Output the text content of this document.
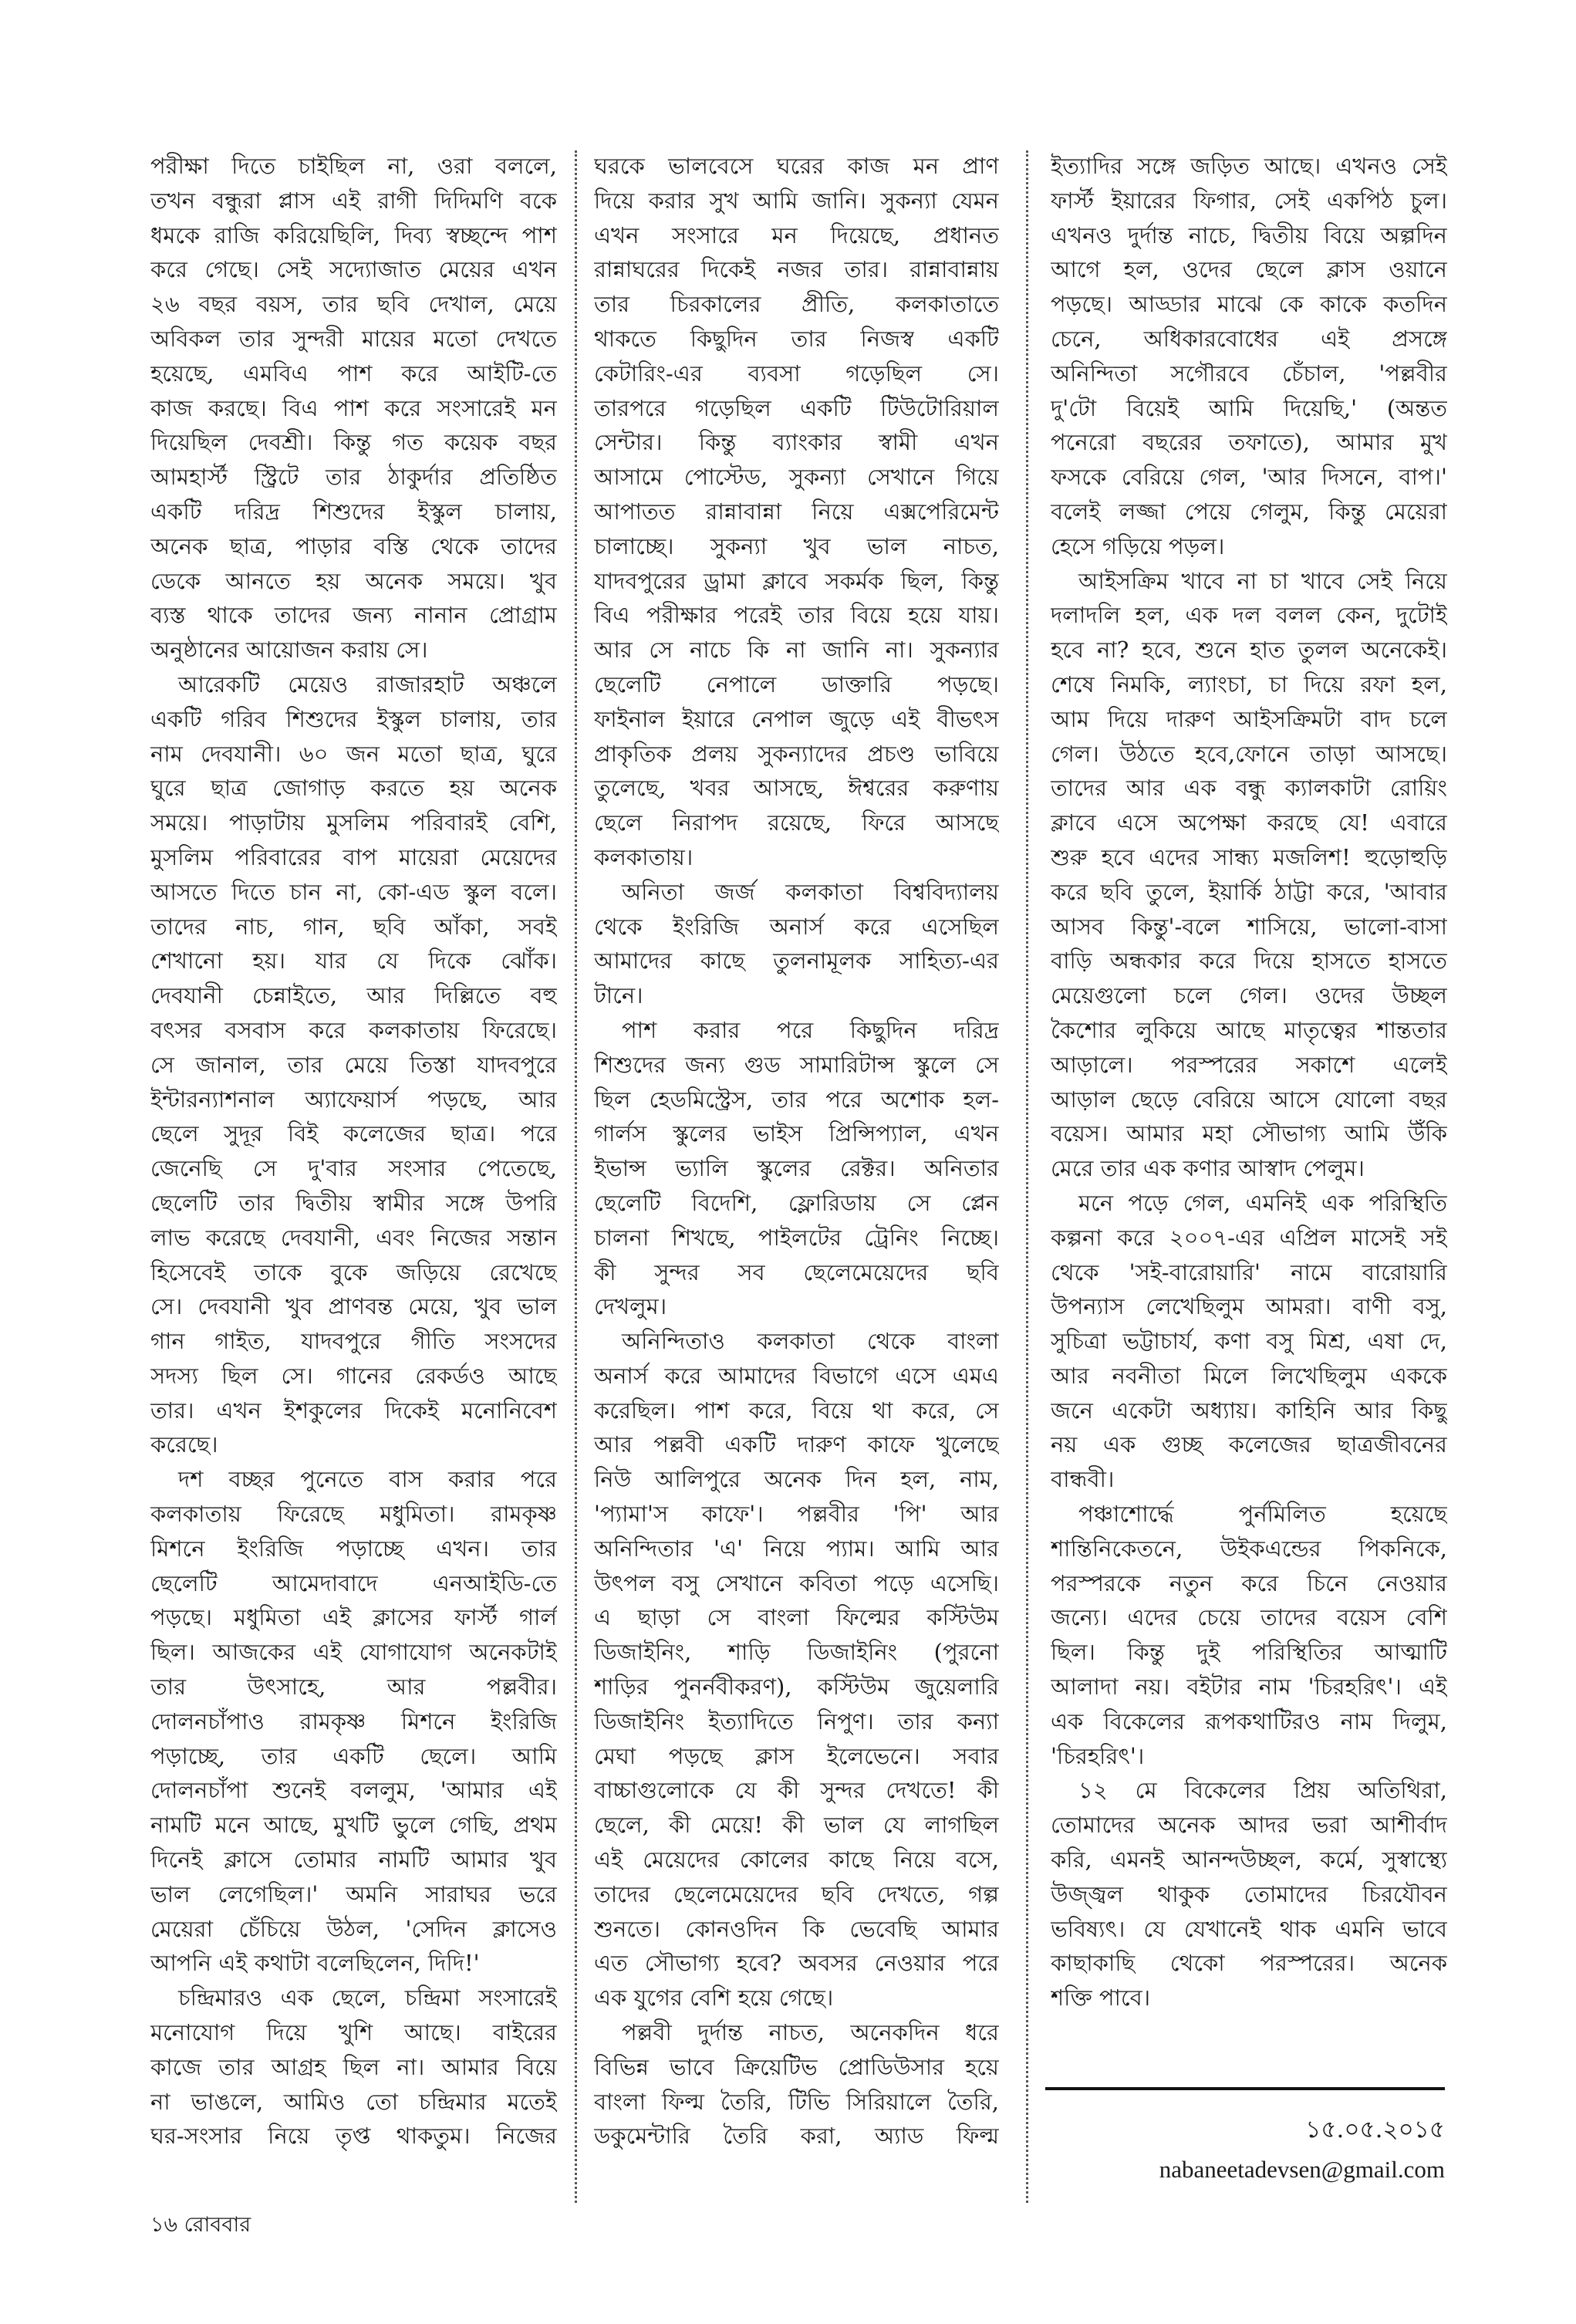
পরীক্ষা দিতে চাইছিল না, ওরা বললে,
তখন বন্ধুরা প্লাস এই রাগী দিদিমণি বকে
ধমকে রাজি করিয়েছিলি, দিব্য স্বচ্ছন্দে পাশ
করে গেছে। সেই সদ্যোজাত মেয়ের এখন
২৬ বছর বয়স, তার ছবি দেখাল, মেয়ে
অবিকল তার সুন্দরী মায়ের মতো দেখতে
হয়েছে, এমবিএ পাশ করে আইটি-তে
কাজ করছে। বিএ পাশ করে সংসারেই মন
দিয়েছিল দেবশ্রী। কিন্তু গত কয়েক বছর
আমহার্স্ট স্ট্রিটে তার ঠাকুর্দার প্রতিষ্ঠিত
একটি দরিদ্র শিশুদের ইস্কুল চালায়,
অনেক ছাত্র, পাড়ার বস্তি থেকে তাদের
ডেকে আনতে হয় অনেক সময়ে। খুব
ব্যস্ত থাকে তাদের জন্য নানান প্রোগ্রাম
অনুষ্ঠানের আয়োজন করায় সে।
আরেকটি মেয়েও রাজারহাট অঞ্চলে
একটি গরিব শিশুদের ইস্কুল চালায়, তার
নাম দেবযানী। ৬০ জন মতো ছাত্র, ঘুরে
ঘুরে ছাত্র জোগাড় করতে হয় অনেক
সময়ে। পাড়াটায় মুসলিম পরিবারই বেশি,
মুসলিম পরিবারের বাপ মায়েরা মেয়েদের
আসতে দিতে চান না, কো-এড স্কুল বলে।
তাদের নাচ, গান, ছবি আঁকা, সবই
শেখানো হয়। যার যে দিকে ঝোঁক।
দেবযানী চেন্নাইতে, আর দিল্লিতে বহু
বৎসর বসবাস করে কলকাতায় ফিরেছে।
সে জানাল, তার মেয়ে তিস্তা যাদবপুরে
ইন্টারন্যাশনাল অ্যাফেয়ার্স পড়ছে, আর
ছেলে সুদূর বিই কলেজের ছাত্র। পরে
জেনেছি সে দু'বার সংসার পেতেছে,
ছেলেটি তার দ্বিতীয় স্বামীর সঙ্গে উপরি
লাভ করেছে দেবযানী, এবং নিজের সন্তান
হিসেবেই তাকে বুকে জড়িয়ে রেখেছে
সে। দেবযানী খুব প্রাণবন্ত মেয়ে, খুব ভাল
গান গাইত, যাদবপুরে গীতি সংসদের
সদস্য ছিল সে। গানের রেকর্ডও আছে
তার। এখন ইশকুলের দিকেই মনোনিবেশ
করেছে।
দশ বচ্ছর পুনেতে বাস করার পরে
কলকাতায় ফিরেছে মধুমিতা। রামকৃষ্ণ
মিশনে ইংরিজি পড়াচ্ছে এখন। তার
ছেলেটি আমেদাবাদে এনআইডি-তে
পড়ছে। মধুমিতা এই ক্লাসের ফার্স্ট গার্ল
ছিল। আজকের এই যোগাযোগ অনেকটাই
তার উৎসাহে, আর পল্লবীর।
দোলনচাঁপাও রামকৃষ্ণ মিশনে ইংরিজি
পড়াচ্ছে, তার একটি ছেলে। আমি
দোলনচাঁপা শুনেই বললুম, 'আমার এই
নামটি মনে আছে, মুখটি ভুলে গেছি, প্রথম
দিনেই ক্লাসে তোমার নামটি আমার খুব
ভাল লেগেছিল।' অমনি সারাঘর ভরে
মেয়েরা চেঁচিয়ে উঠল, 'সেদিন ক্লাসেও
আপনি এই কথাটা বলেছিলেন, দিদি!'
চন্দ্রিমারও এক ছেলে, চন্দ্রিমা সংসারেই
মনোযোগ দিয়ে খুশি আছে। বাইরের
কাজে তার আগ্রহ ছিল না। আমার বিয়ে
না ভাঙলে, আমিও তো চন্দ্রিমার মতেই
ঘর-সংসার নিয়ে তৃপ্ত থাকতুম। নিজের
ঘরকে ভালবেসে ঘরের কাজ মন প্রাণ
দিয়ে করার সুখ আমি জানি। সুকন্যা যেমন
এখন সংসারে মন দিয়েছে, প্রধানত
রান্নাঘরের দিকেই নজর তার। রান্নাবান্নায়
তার চিরকালের প্রীতি, কলকাতাতে
থাকতে কিছুদিন তার নিজস্ব একটি
কেটারিং-এর ব্যবসা গড়েছিল সে।
তারপরে গড়েছিল একটি টিউটোরিয়াল
সেন্টার। কিন্তু ব্যাংকার স্বামী এখন
আসামে পোস্টেড, সুকন্যা সেখানে গিয়ে
আপাতত রান্নাবান্না নিয়ে এক্সপেরিমেন্ট
চালাচ্ছে। সুকন্যা খুব ভাল নাচত,
যাদবপুরের ড্রামা ক্লাবে সকর্মক ছিল, কিন্তু
বিএ পরীক্ষার পরেই তার বিয়ে হয়ে যায়।
আর সে নাচে কি না জানি না। সুকন্যার
ছেলেটি নেপালে ডাক্তারি পড়ছে।
ফাইনাল ইয়ারে নেপাল জুড়ে এই বীভৎস
প্রাকৃতিক প্রলয় সুকন্যাদের প্রচণ্ড ভাবিয়ে
তুলেছে, খবর আসছে, ঈশ্বরের করুণায়
ছেলে নিরাপদ রয়েছে, ফিরে আসছে
কলকাতায়।
অনিতা জর্জ কলকাতা বিশ্ববিদ্যালয়
থেকে ইংরিজি অনার্স করে এসেছিল
আমাদের কাছে তুলনামূলক সাহিত্য-এর
টানে।
পাশ করার পরে কিছুদিন দরিদ্র
শিশুদের জন্য গুড সামারিটান্স স্কুলে সে
ছিল হেডমিস্ট্রেস, তার পরে অশোক হল-
গার্লস স্কুলের ভাইস প্রিন্সিপ্যাল, এখন
ইভান্স ভ্যালি স্কুলের রেক্টর। অনিতার
ছেলেটি বিদেশি, ফ্লোরিডায় সে প্লেন
চালনা শিখছে, পাইলটের ট্রেনিং নিচ্ছে।
কী সুন্দর সব ছেলেমেয়েদের ছবি
দেখলুম।
অনিন্দিতাও কলকাতা থেকে বাংলা
অনার্স করে আমাদের বিভাগে এসে এমএ
করেছিল। পাশ করে, বিয়ে থা করে, সে
আর পল্লবী একটি দারুণ কাফে খুলেছে
নিউ আলিপুরে অনেক দিন হল, নাম,
'প্যামা'স কাফে'। পল্লবীর 'পি' আর
অনিন্দিতার 'এ' নিয়ে প্যাম। আমি আর
উৎপল বসু সেখানে কবিতা পড়ে এসেছি।
এ ছাড়া সে বাংলা ফিল্মের কস্টিউম
ডিজাইনিং, শাড়ি ডিজাইনিং (পুরনো
শাড়ির পুনর্নবীকরণ), কস্টিউম জুয়েলারি
ডিজাইনিং ইত্যাদিতে নিপুণ। তার কন্যা
মেঘা পড়ছে ক্লাস ইলেভেনে। সবার
বাচ্চাগুলোকে যে কী সুন্দর দেখতে! কী
ছেলে, কী মেয়ে! কী ভাল যে লাগছিল
এই মেয়েদের কোলের কাছে নিয়ে বসে,
তাদের ছেলেমেয়েদের ছবি দেখতে, গল্প
শুনতে। কোনওদিন কি ভেবেছি আমার
এত সৌভাগ্য হবে? অবসর নেওয়ার পরে
এক যুগের বেশি হয়ে গেছে।
পল্লবী দুর্দান্ত নাচত, অনেকদিন ধরে
বিভিন্ন ভাবে ক্রিয়েটিভ প্রোডিউসার হয়ে
বাংলা ফিল্ম তৈরি, টিভি সিরিয়ালে তৈরি,
ডকুমেন্টারি তৈরি করা, অ্যাড ফিল্ম
ইত্যাদির সঙ্গে জড়িত আছে। এখনও সেই
ফার্স্ট ইয়ারের ফিগার, সেই একপিঠ চুল।
এখনও দুর্দান্ত নাচে, দ্বিতীয় বিয়ে অল্পদিন
আগে হল, ওদের ছেলে ক্লাস ওয়ানে
পড়ছে। আড্ডার মাঝে কে কাকে কতদিন
চেনে, অধিকারবোধের এই প্রসঙ্গে
অনিন্দিতা সগৌরবে চেঁচাল, 'পল্লবীর
দু'টো বিয়েই আমি দিয়েছি,' (অন্তত
পনেরো বছরের তফাতে), আমার মুখ
ফসকে বেরিয়ে গেল, 'আর দিসনে, বাপ।'
বলেই লজ্জা পেয়ে গেলুম, কিন্তু মেয়েরা
হেসে গড়িয়ে পড়ল।
আইসক্রিম খাবে না চা খাবে সেই নিয়ে
দলাদলি হল, এক দল বলল কেন, দুটোই
হবে না? হবে, শুনে হাত তুলল অনেকেই।
শেষে নিমকি, ল্যাংচা, চা দিয়ে রফা হল,
আম দিয়ে দারুণ আইসক্রিমটা বাদ চলে
গেল। উঠতে হবে,ফোনে তাড়া আসছে।
তাদের আর এক বন্ধু ক্যালকাটা রোয়িং
ক্লাবে এসে অপেক্ষা করছে যে! এবারে
শুরু হবে এদের সান্ধ্য মজলিশ! হুড়োহুড়ি
করে ছবি তুলে, ইয়ার্কি ঠাট্টা করে, 'আবার
আসব কিন্তু'-বলে শাসিয়ে, ভালো-বাসা
বাড়ি অন্ধকার করে দিয়ে হাসতে হাসতে
মেয়েগুলো চলে গেল। ওদের উচ্ছল
কৈশোর লুকিয়ে আছে মাতৃত্বের শান্ততার
আড়ালে। পরস্পরের সকাশে এলেই
আড়াল ছেড়ে বেরিয়ে আসে যোলো বছর
বয়েস। আমার মহা সৌভাগ্য আমি উঁকি
মেরে তার এক কণার আস্বাদ পেলুম।
মনে পড়ে গেল, এমনিই এক পরিস্থিতি
কল্পনা করে ২০০৭-এর এপ্রিল মাসেই সই
থেকে 'সই-বারোয়ারি' নামে বারোয়ারি
উপন্যাস লেখেছিলুম আমরা। বাণী বসু,
সুচিত্রা ভট্টাচার্য, কণা বসু মিশ্র, এষা দে,
আর নবনীতা মিলে লিখেছিলুম এককে
জনে একেটা অধ্যায়। কাহিনি আর কিছু
নয় এক গুচ্ছ কলেজের ছাত্রজীবনের
বান্ধবী।
পঞ্চাশোর্দ্ধে পুর্নমিলিত হয়েছে
শান্তিনিকেতনে, উইকএন্ডের পিকনিকে,
পরস্পরকে নতুন করে চিনে নেওয়ার
জন্যে। এদের চেয়ে তাদের বয়েস বেশি
ছিল। কিন্তু দুই পরিস্থিতির আত্মাটি
আলাদা নয়। বইটার নাম 'চিরহরিৎ'। এই
এক বিকেলের রূপকথাটিরও নাম দিলুম,
'চিরহরিৎ'।
১২ মে বিকেলের প্রিয় অতিথিরা,
তোমাদের অনেক আদর ভরা আশীর্বাদ
করি, এমনই আনন্দউচ্ছল, কর্মে, সুস্বাস্থ্যে
উজ্জ্বল থাকুক তোমাদের চিরযৌবন
ভবিষ্যৎ। যে যেখানেই থাক এমনি ভাবে
কাছাকাছি থেকো পরস্পরের। অনেক
শক্তি পাবে।
১৫.০৫.২০১৫
nabaneetadevsen@gmail.com
১৬ রোববার
